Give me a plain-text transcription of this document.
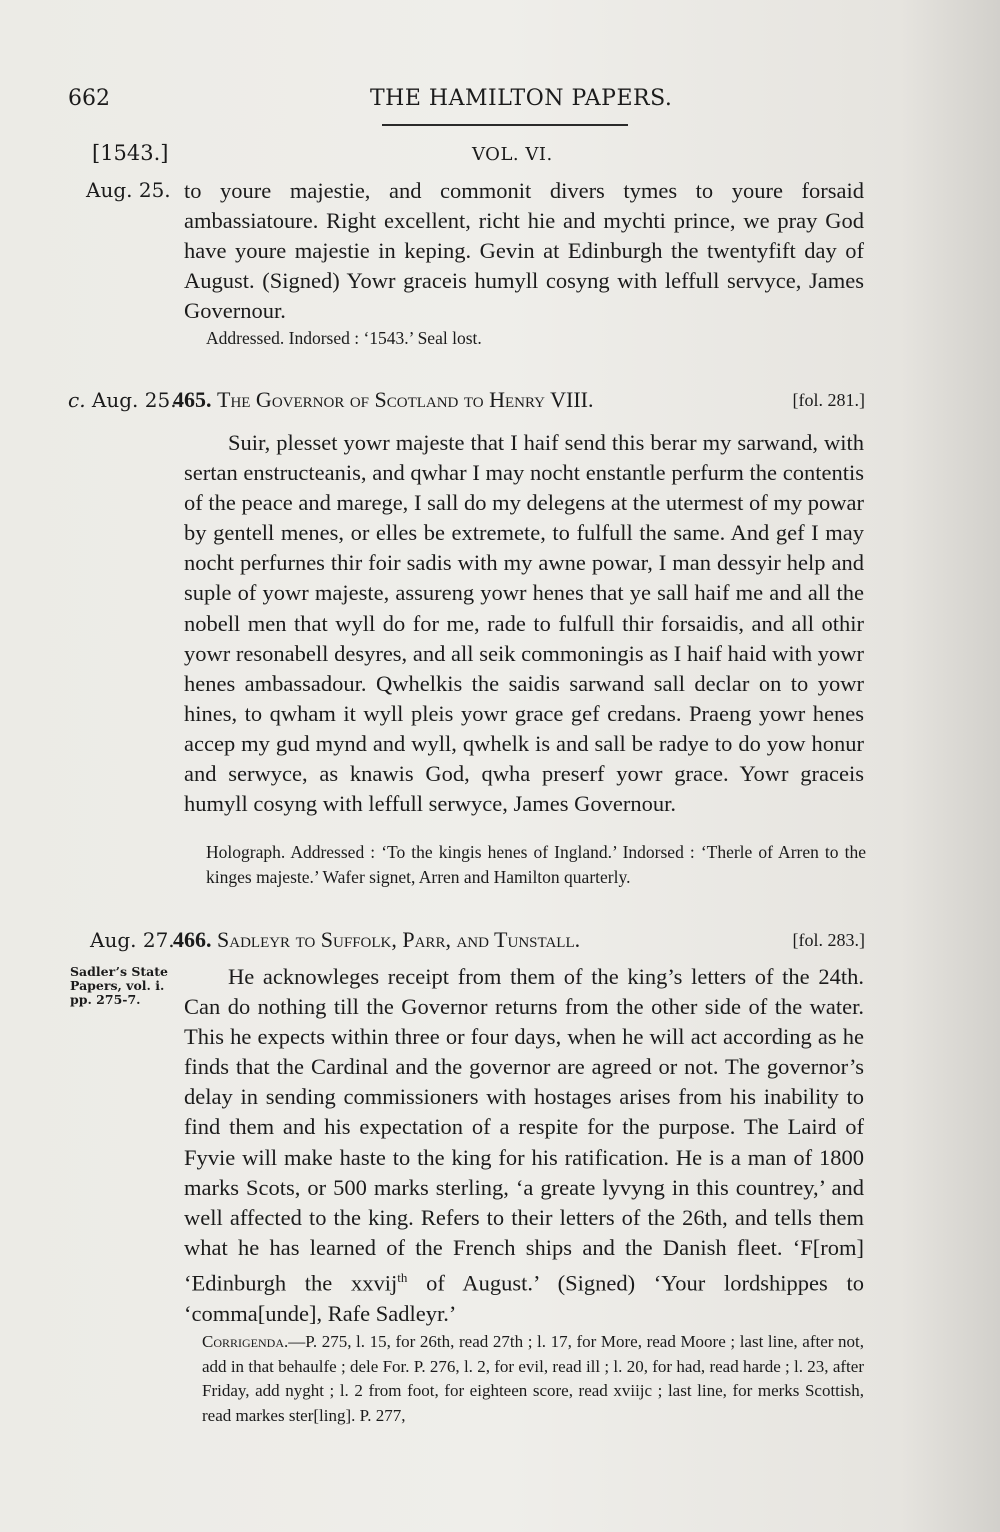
662	THE HAMILTON PAPERS.
[1543.]	VOL. VI.
Aug. 25. to youre majestie, and commonit divers tymes to youre forsaid ambassiatoure. Right excellent, richt hie and mychti prince, we pray God have youre majestie in keping. Gevin at Edinburgh the twentyfift day of August. (Signed) Yowr graceis humyll cosyng with leffull servyce, James Governour.

Addressed. Indorsed : ‘1543.’ Seal lost.

c. Aug. 25.
465. The Governor of Scotland to Henry VIII.	[fol. 281.]

Suir, plesset yowr majeste that I haif send this berar my sarwand, with sertan enstructeanis, and qwhar I may nocht enstantle perfurm the contentis of the peace and marege, I sall do my delegens at the utermest of my powar by gentell menes, or elles be extremete, to fulfull the same. And gef I may nocht perfurnes thir foir sadis with my awne powar, I man dessyir help and suple of yowr majeste, assureng yowr henes that ye sall haif me and all the nobell men that wyll do for me, rade to fulfull thir forsaidis, and all othir yowr resonabell desyres, and all seik commoningis as I haif haid with yowr henes ambassadour. Qwhelkis the saidis sarwand sall declar on to yowr hines, to qwham it wyll pleis yowr grace gef credans. Praeng yowr henes accep my gud mynd and wyll, qwhelk is and sall be radye to do yow honur and serwyce, as knawis God, qwha preserf yowr grace. Yowr graceis humyll cosyng with leffull serwyce, James Governour.

Holograph. Addressed : ‘To the kingis henes of Ingland.’ Indorsed : ‘Therle of Arren to the kinges majeste.’ Wafer signet, Arren and Hamilton quarterly.

Aug. 27.
466. Sadleyr to Suffolk, Parr, and Tunstall.	[fol. 283.]
Sadler’s State
Papers, vol. i.
pp. 275-7.

He acknowleges receipt from them of the king’s letters of the 24th. Can do nothing till the Governor returns from the other side of the water. This he expects within three or four days, when he will act according as he finds that the Cardinal and the governor are agreed or not. The governor’s delay in sending commissioners with hostages arises from his inability to find them and his expectation of a respite for the purpose. The Laird of Fyvie will make haste to the king for his ratification. He is a man of 1800 marks Scots, or 500 marks sterling, ‘a greate lyvyng in this countrey,’ and well affected to the king. Refers to their letters of the 26th, and tells them what he has learned of the French ships and the Danish fleet. ‘F[rom] ‘Edinburgh the xxvij$^{th}$ of August.’ (Signed) ‘Your lordshippes to ‘comma[unde], Rafe Sadleyr.’

Corrigenda.—P. 275, l. 15, for 26th, read 27th ; l. 17, for More, read Moore ; last line, after not, add in that behaulfe ; dele For. P. 276, l. 2, for evil, read ill ; l. 20, for had, read harde ; l. 23, after Friday, add nyght ; l. 2 from foot, for eighteen score, read xviijc ; last line, for merks Scottish, read markes ster[ling]. P. 277,
